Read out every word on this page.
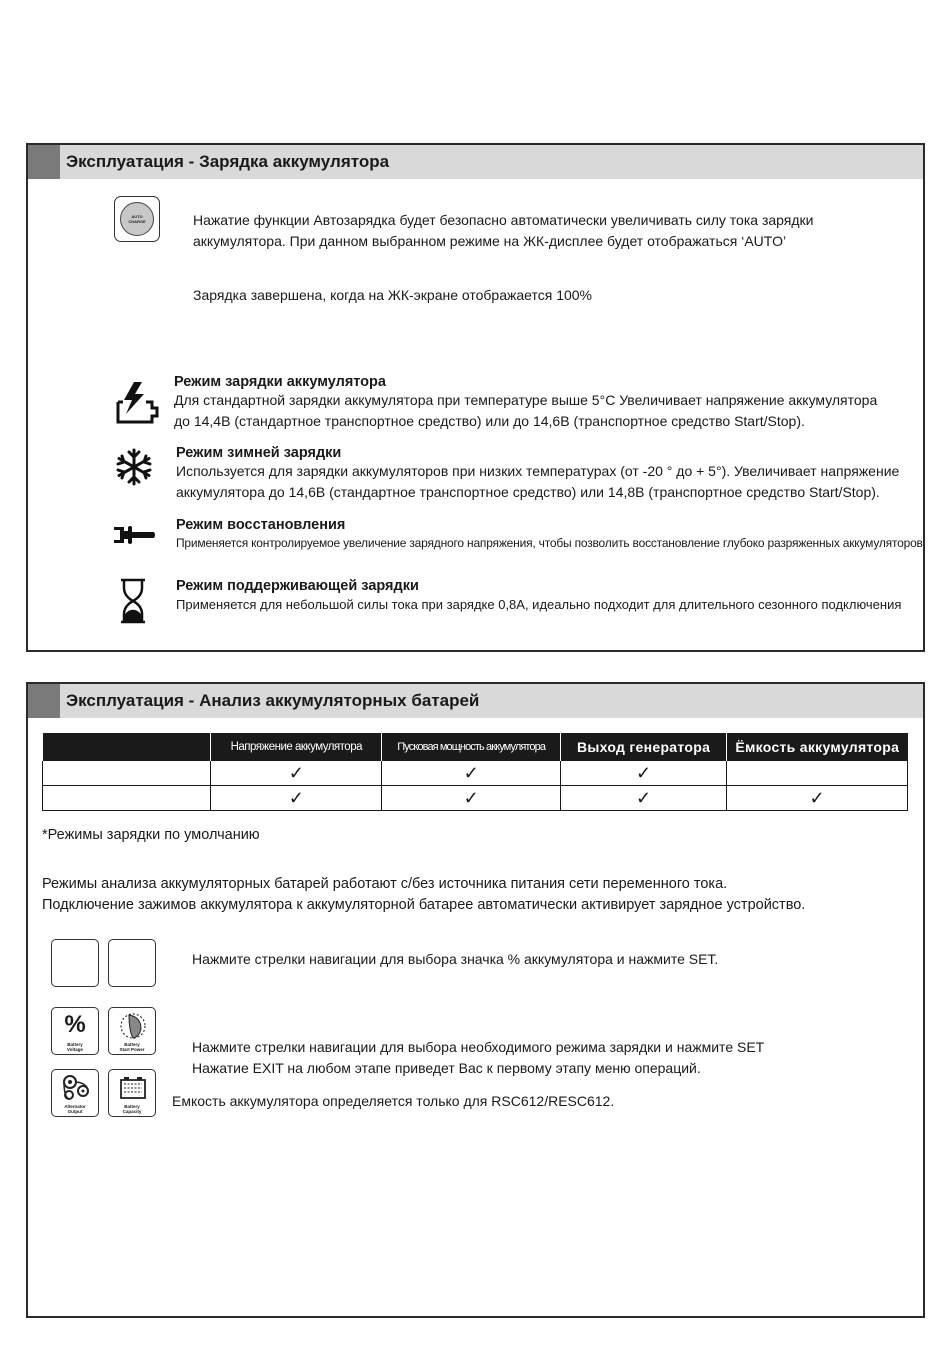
Эксплуатация - Зарядка аккумулятора
AUTO
CHARGE	Нажатие функции Автозарядка будет безопасно автоматически увеличивать силу тока зарядки
аккумулятора. При данном выбранном режиме на ЖК-дисплее будет отображаться ‘AUTO’
Зарядка завершена, когда на ЖК-экране отображается 100%
Режим зарядки аккумулятора
Для стандартной зарядки аккумулятора при температуре выше 5°C Увеличивает напряжение аккумулятора
до 14,4В (стандартное транспортное средство) или до 14,6В (транспортное средство Start/Stop).
Режим зимней зарядки
Используется для зарядки аккумуляторов при низких температурах (от -20 ° до + 5°). Увеличивает напряжение
аккумулятора до 14,6В (стандартное транспортное средство) или 14,8В (транспортное средство Start/Stop).
Режим восстановления
Применяется контролируемое увеличение зарядного напряжения, чтобы позволить восстановление глубоко разряженных аккумуляторов
Режим поддерживающей зарядки
Применяется для небольшой силы тока при зарядке 0,8А, идеально подходит для длительного сезонного подключения
Эксплуатация - Анализ аккумуляторных батарей
	Напряжение аккумулятора	Пусковая мощность аккумулятора	Выход генератора	Ёмкость аккумулятора
	✓	✓	✓	
	✓	✓	✓	✓
*Режимы зарядки по умолчанию
Режимы анализа аккумуляторных батарей работают с/без источника питания сети переменного тока.
Подключение зажимов аккумулятора к аккумуляторной батарее автоматически активирует зарядное устройство.
Нажмите стрелки навигации для выбора значка % аккумулятора и нажмите SET.
%
Battery
Voltage
Battery
Start Power
Alternator
Output
Battery
Capacity
Нажмите стрелки навигации для выбора необходимого режима зарядки и нажмите SET
Нажатие EXIT на любом этапе приведет Вас к первому этапу меню операций.
Емкость аккумулятора определяется только для RSC612/RESC612.
